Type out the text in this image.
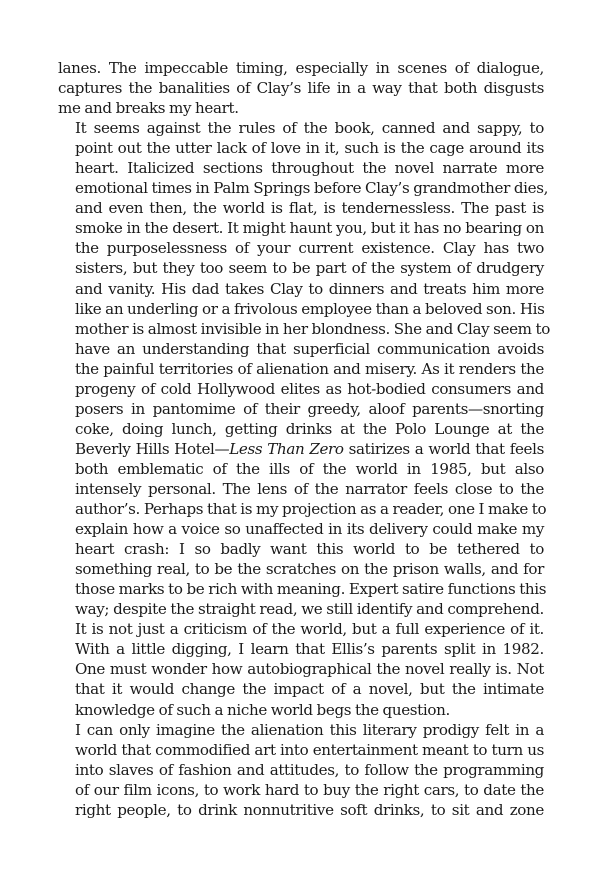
lanes. The impeccable timing, especially in scenes of dialogue,
captures the banalities of Clay’s life in a way that both disgusts
me and breaks my heart.

It seems against the rules of the book, canned and sappy, to
point out the utter lack of love in it, such is the cage around its
heart. Italicized sections throughout the novel narrate more
emotional times in Palm Springs before Clay’s grandmother dies,
and even then, the world is flat, is tendernessless. The past is
smoke in the desert. It might haunt you, but it has no bearing on
the purposelessness of your current existence. Clay has two
sisters, but they too seem to be part of the system of drudgery
and vanity. His dad takes Clay to dinners and treats him more
like an underling or a frivolous employee than a beloved son. His
mother is almost invisible in her blondness. She and Clay seem to
have an understanding that superficial communication avoids
the painful territories of alienation and misery. As it renders the
progeny of cold Hollywood elites as hot-bodied consumers and
posers in pantomime of their greedy, aloof parents—snorting
coke, doing lunch, getting drinks at the Polo Lounge at the
Beverly Hills Hotel—Less Than Zero satirizes a world that feels
both emblematic of the ills of the world in 1985, but also
intensely personal. The lens of the narrator feels close to the
author’s. Perhaps that is my projection as a reader, one I make to
explain how a voice so unaffected in its delivery could make my
heart crash: I so badly want this world to be tethered to
something real, to be the scratches on the prison walls, and for
those marks to be rich with meaning. Expert satire functions this
way; despite the straight read, we still identify and comprehend.
It is not just a criticism of the world, but a full experience of it.
With a little digging, I learn that Ellis’s parents split in 1982.
One must wonder how autobiographical the novel really is. Not
that it would change the impact of a novel, but the intimate
knowledge of such a niche world begs the question.

I can only imagine the alienation this literary prodigy felt in a
world that commodified art into entertainment meant to turn us
into slaves of fashion and attitudes, to follow the programming
of our film icons, to work hard to buy the right cars, to date the
right people, to drink nonnutritive soft drinks, to sit and zone
